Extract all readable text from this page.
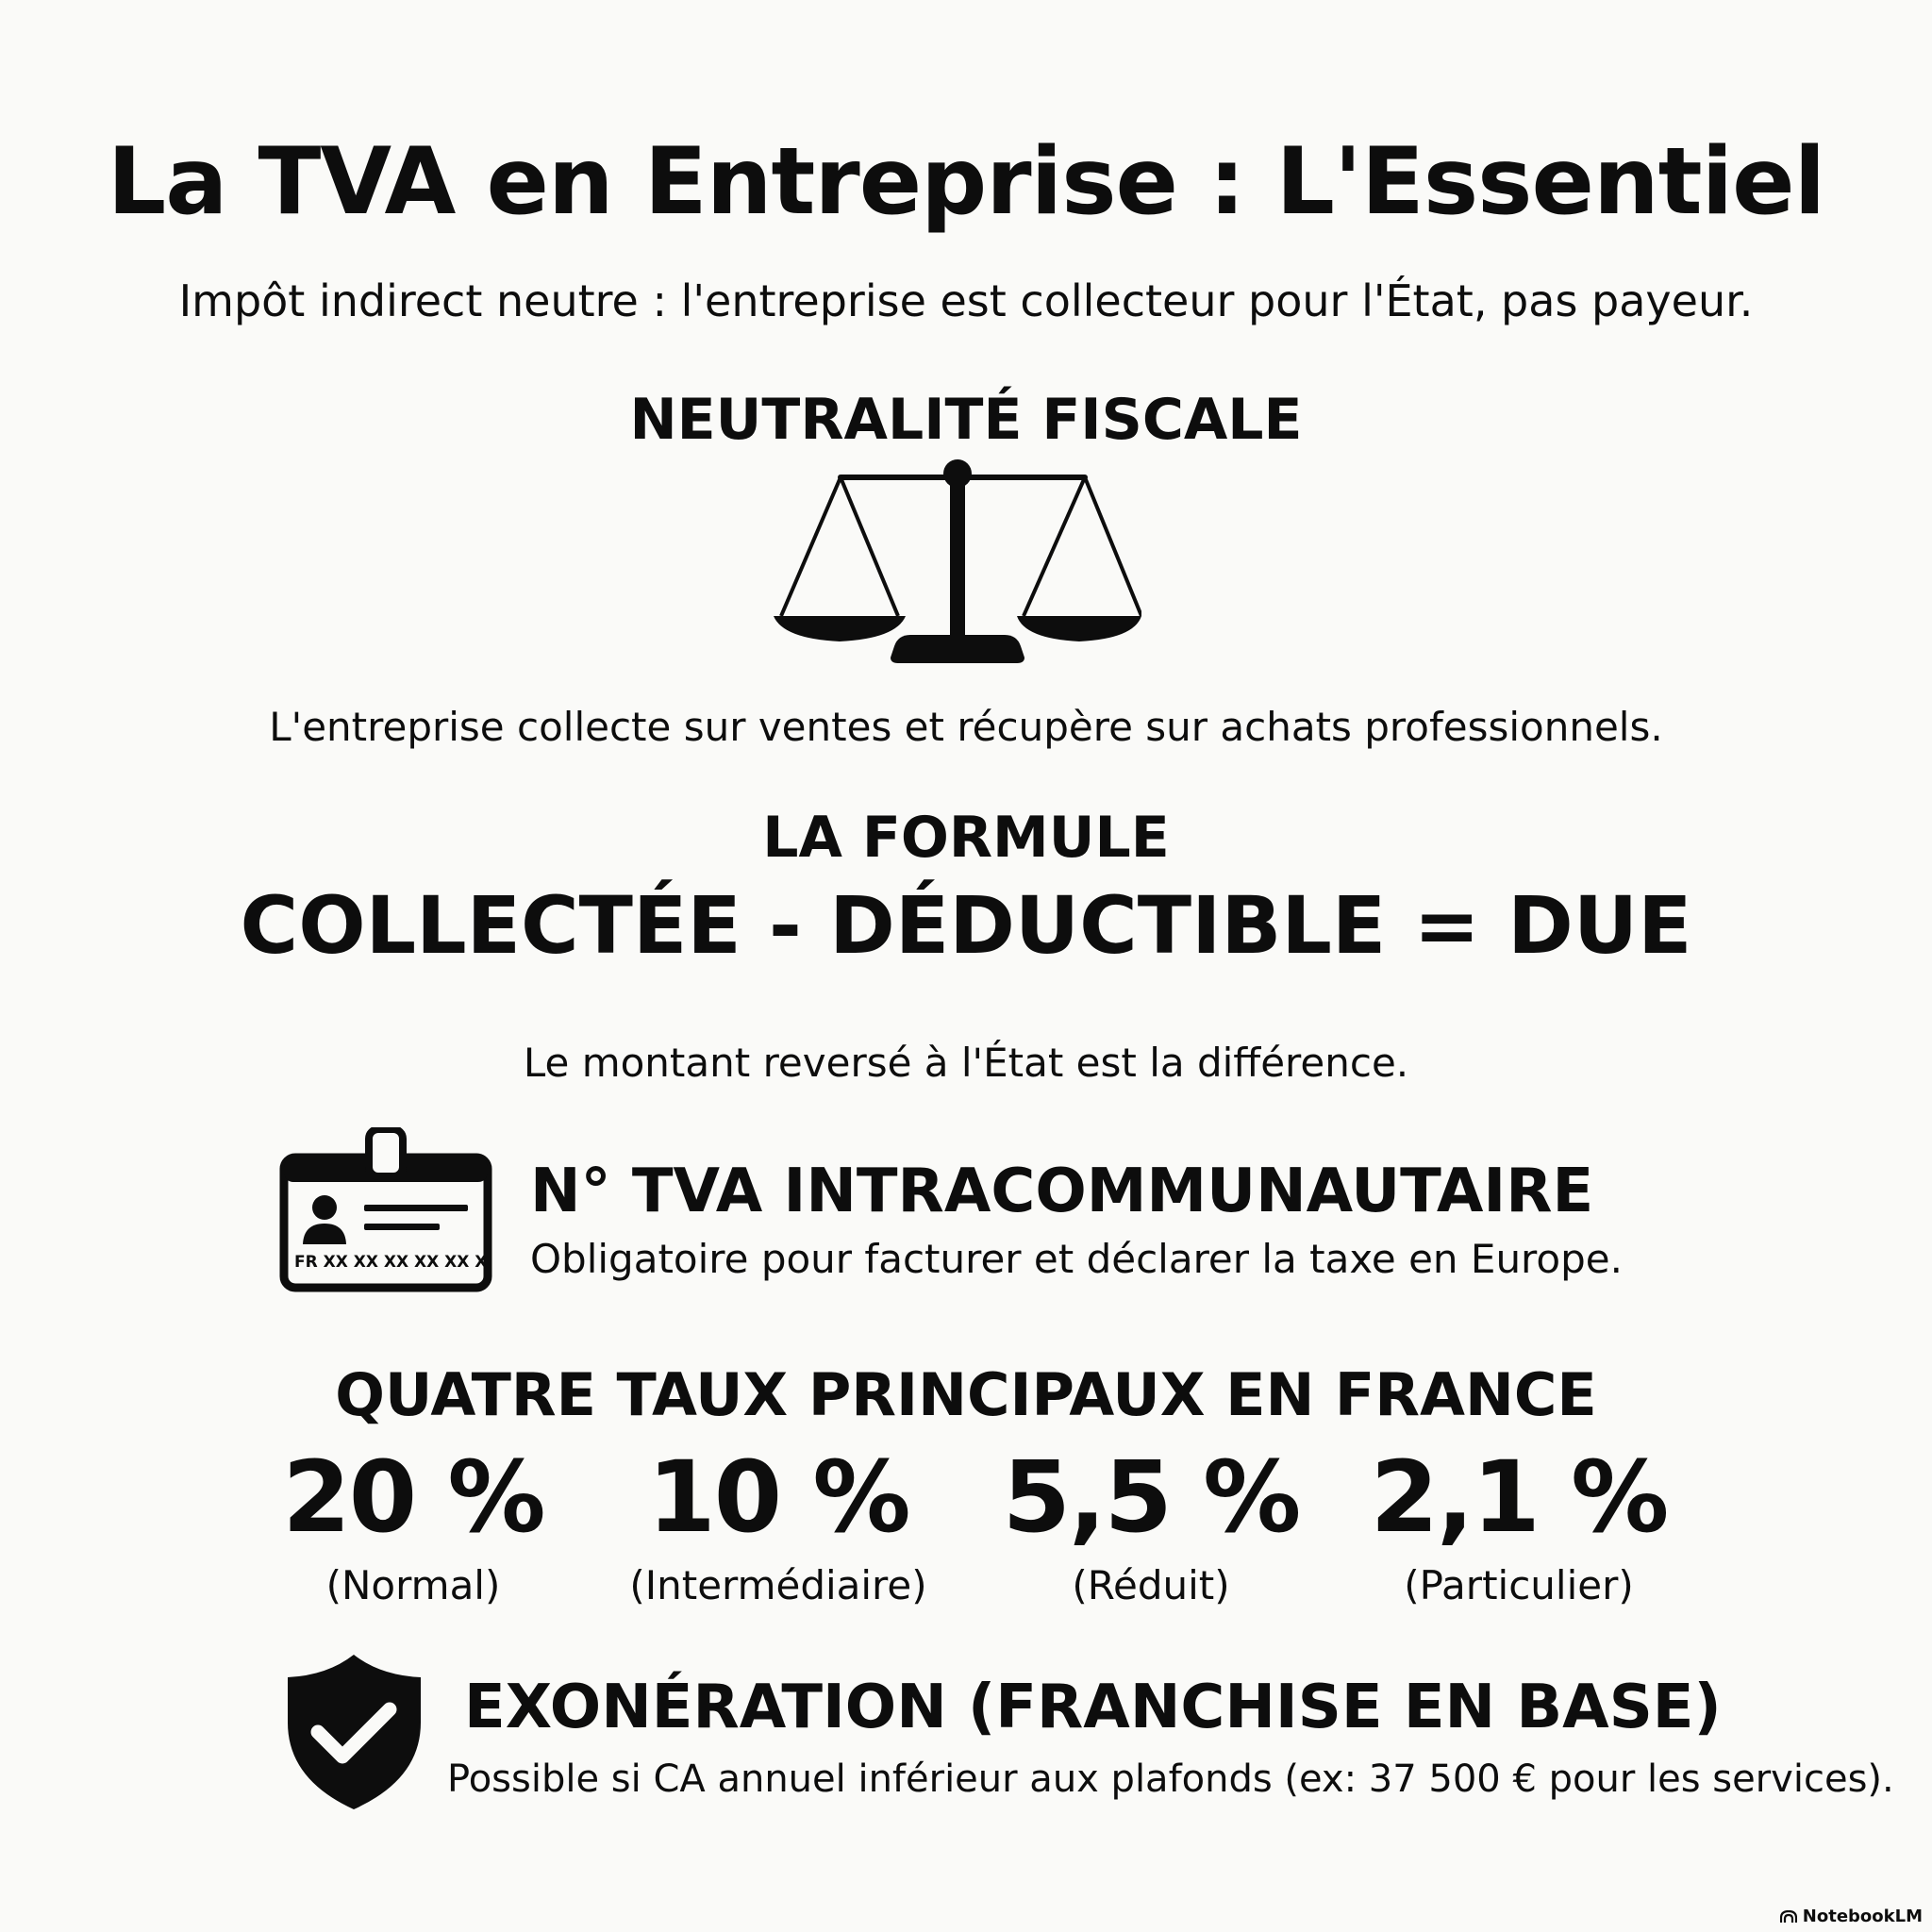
La TVA en Entreprise : L'Essentiel
Impôt indirect neutre : l'entreprise est collecteur pour l'État, pas payeur.
NEUTRALITÉ FISCALE
L'entreprise collecte sur ventes et récupère sur achats professionnels.
LA FORMULE
COLLECTÉE - DÉDUCTIBLE = DUE
Le montant reversé à l'État est la différence.
FR XX XX XX XX XX X
N° TVA INTRACOMMUNAUTAIRE
Obligatoire pour facturer et déclarer la taxe en Europe.
QUATRE TAUX PRINCIPAUX EN FRANCE
20 %
(Normal)
10 %
(Intermédiaire)
5,5 %
(Réduit)
2,1 %
(Particulier)
EXONÉRATION (FRANCHISE EN BASE)
Possible si CA annuel inférieur aux plafonds (ex: 37 500 € pour les services).
NotebookLM
